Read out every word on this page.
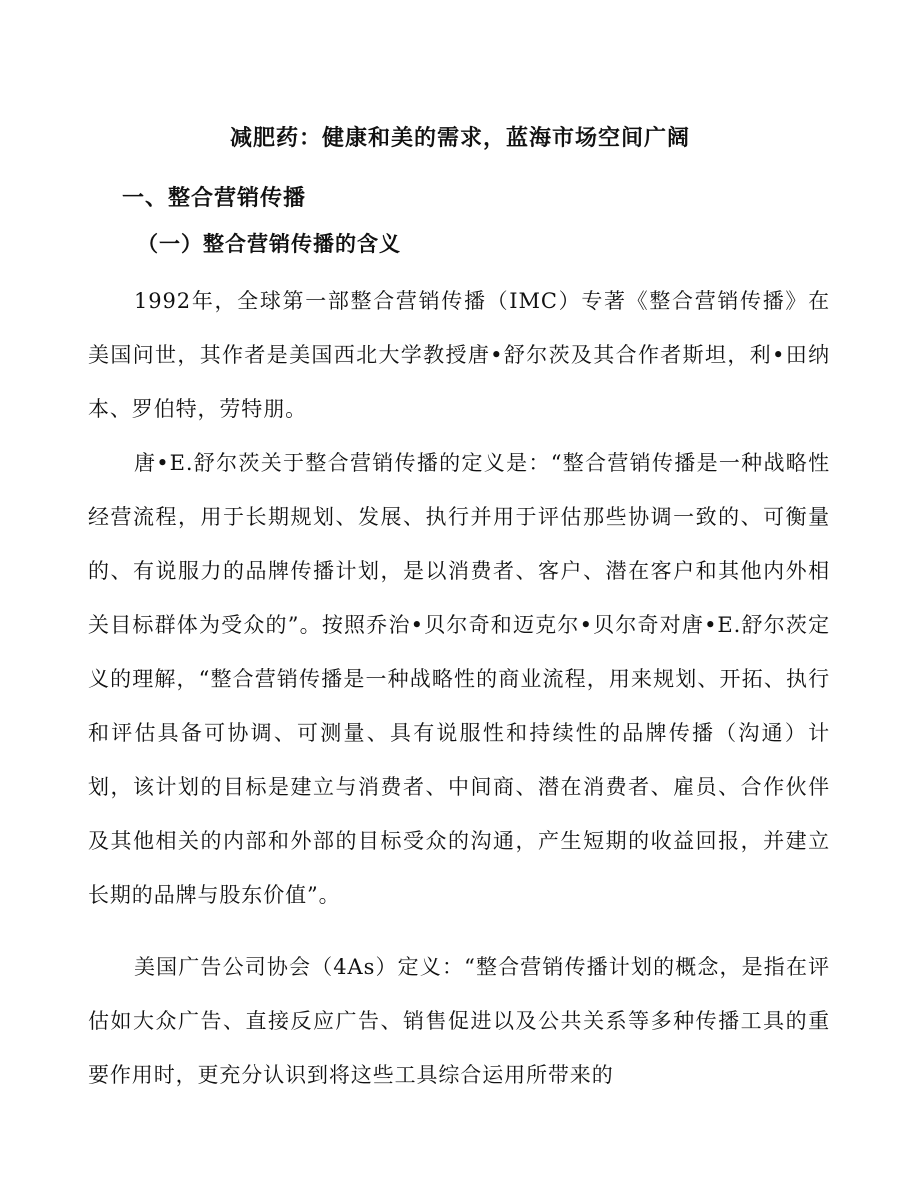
减肥药：健康和美的需求，蓝海市场空间广阔
一、整合营销传播
（一）整合营销传播的含义

1992年，全球第一部整合营销传播（IMC）专著《整合营销传播》在美国问世，其作者是美国西北大学教授唐•舒尔茨及其合作者斯坦，利•田纳本、罗伯特，劳特朋。

唐•E.舒尔茨关于整合营销传播的定义是：“整合营销传播是一种战略性经营流程，用于长期规划、发展、执行并用于评估那些协调一致的、可衡量的、有说服力的品牌传播计划，是以消费者、客户、潜在客户和其他内外相关目标群体为受众的”。按照乔治•贝尔奇和迈克尔•贝尔奇对唐•E.舒尔茨定义的理解，“整合营销传播是一种战略性的商业流程，用来规划、开拓、执行和评估具备可协调、可测量、具有说服性和持续性的品牌传播（沟通）计划，该计划的目标是建立与消费者、中间商、潜在消费者、雇员、合作伙伴及其他相关的内部和外部的目标受众的沟通，产生短期的收益回报，并建立长期的品牌与股东价值”。

美国广告公司协会（4As）定义：“整合营销传播计划的概念，是指在评估如大众广告、直接反应广告、销售促进以及公共关系等多种传播工具的重要作用时，更充分认识到将这些工具综合运用所带来的
